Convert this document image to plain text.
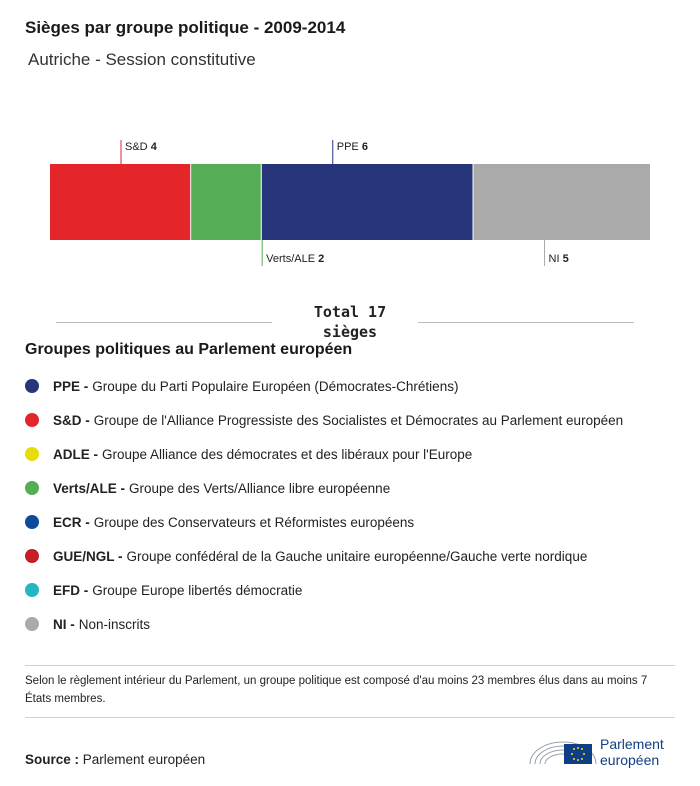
Sièges par groupe politique - 2009-2014
Autriche - Session constitutive
S&D 4
Verts/ALE 2
PPE 6
NI 5
Total 17
sièges
Groupes politiques au Parlement européen
PPE - Groupe du Parti Populaire Européen (Démocrates-Chrétiens)
S&D - Groupe de l'Alliance Progressiste des Socialistes et Démocrates au Parlement européen
ADLE - Groupe Alliance des démocrates et des libéraux pour l'Europe
Verts/ALE - Groupe des Verts/Alliance libre européenne
ECR - Groupe des Conservateurs et Réformistes européens
GUE/NGL - Groupe confédéral de la Gauche unitaire européenne/Gauche verte nordique
EFD - Groupe Europe libertés démocratie
NI - Non-inscrits
Selon le règlement intérieur du Parlement, un groupe politique est composé d'au moins 23 membres élus dans au moins 7 États membres.
Source : Parlement européen
Parlement
européen
